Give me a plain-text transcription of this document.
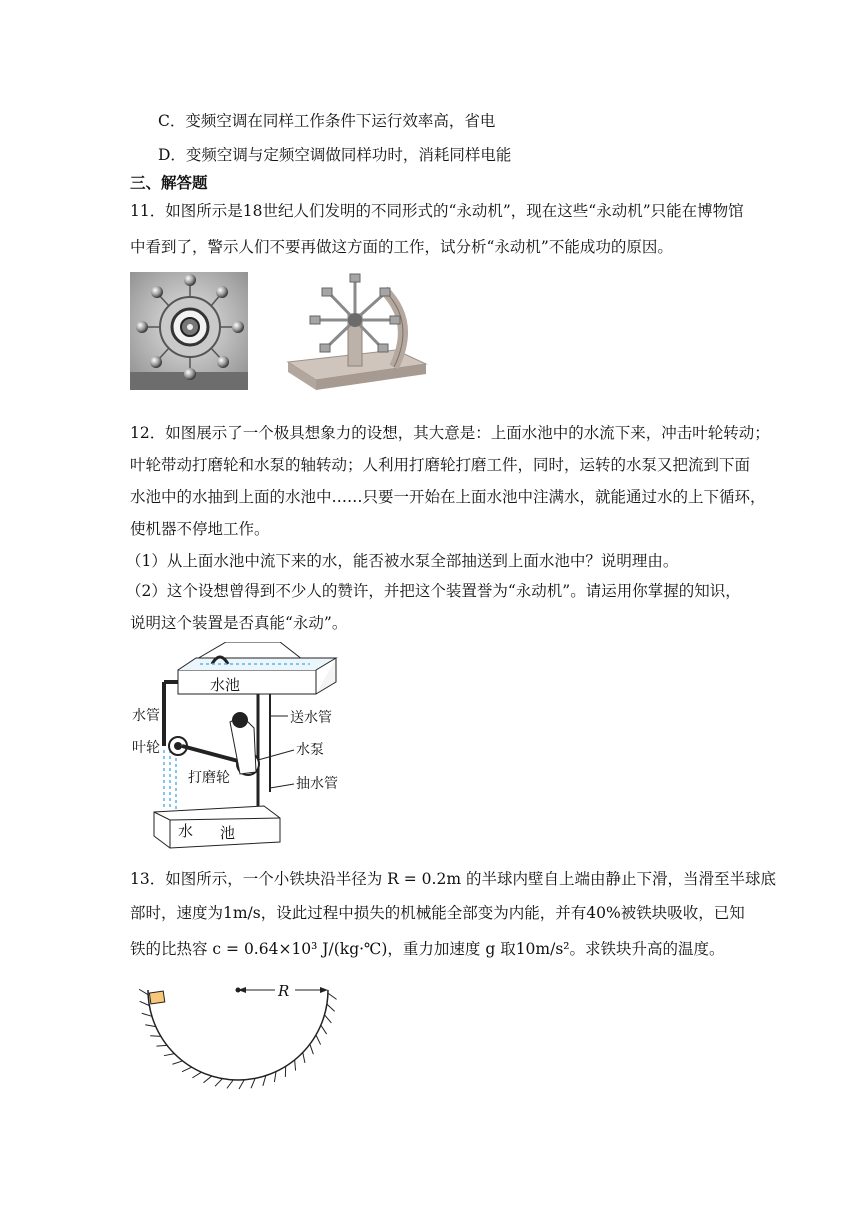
C．变频空调在同样工作条件下运行效率高，省电
D．变频空调与定频空调做同样功时，消耗同样电能
三、解答题
11．如图所示是18世纪人们发明的不同形式的“永动机”，现在这些“永动机”只能在博物馆
中看到了，警示人们不要再做这方面的工作，试分析“永动机”不能成功的原因。
12．如图展示了一个极具想象力的设想，其大意是：上面水池中的水流下来，冲击叶轮转动；
叶轮带动打磨轮和水泵的轴转动；人利用打磨轮打磨工件，同时，运转的水泵又把流到下面
水池中的水抽到上面的水池中……只要一开始在上面水池中注满水，就能通过水的上下循环，
使机器不停地工作。
（1）从上面水池中流下来的水，能否被水泵全部抽送到上面水池中？说明理由。
（2）这个设想曾得到不少人的赞许，并把这个装置誉为“永动机”。请运用你掌握的知识，
说明这个装置是否真能“永动”。
水池
水管	送水管
叶轮	水泵
打磨轮	抽水管
水 池
13．如图所示，一个小铁块沿半径为 R = 0.2m 的半球内壁自上端由静止下滑，当滑至半球底
部时，速度为1m/s，设此过程中损失的机械能全部变为内能，并有40%被铁块吸收，已知
铁的比热容 c = 0.64×10³ J/(kg·℃)，重力加速度 g 取10m/s²。求铁块升高的温度。
R
